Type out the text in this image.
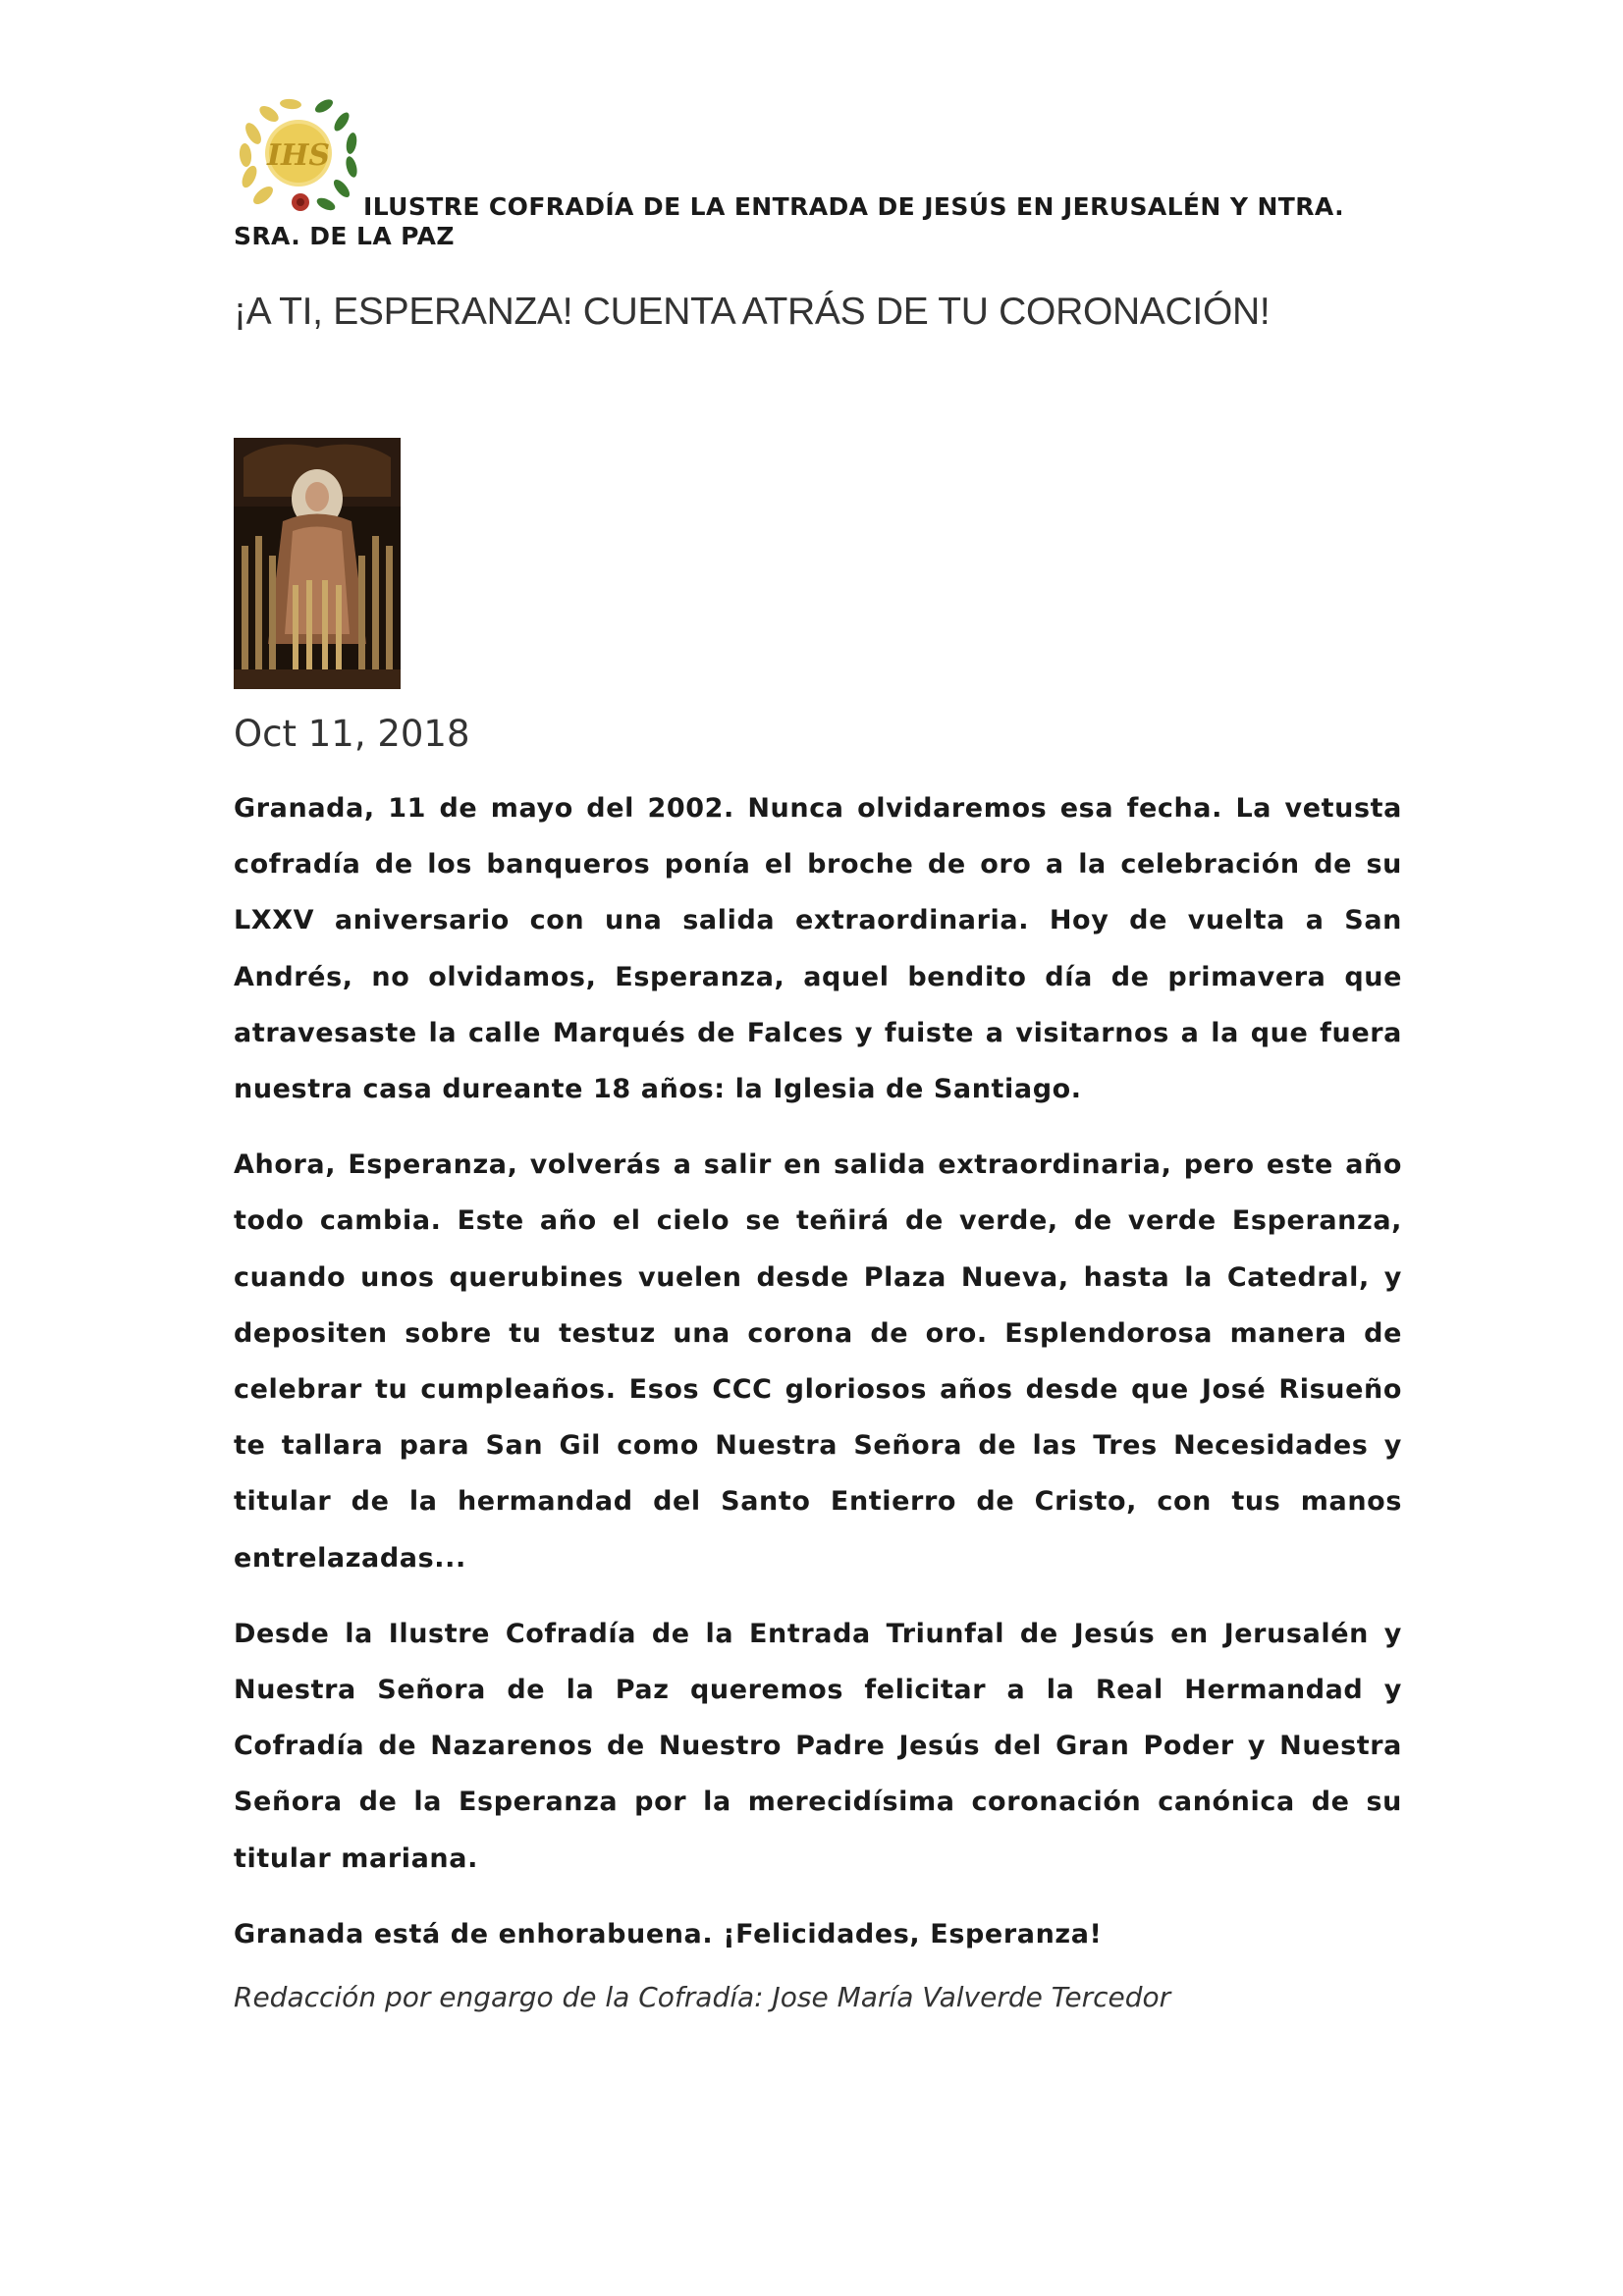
IHS
ILUSTRE COFRADÍA DE LA ENTRADA DE JESÚS EN JERUSALÉN Y NTRA. SRA. DE LA PAZ
¡A TI, ESPERANZA! CUENTA ATRÁS DE TU CORONACIÓN!
Oct 11, 2018

Granada, 11 de mayo del 2002. Nunca olvidaremos esa fecha. La vetusta cofradía de los banqueros ponía el broche de oro a la celebración de su LXXV aniversario con una salida extraordinaria. Hoy de vuelta a San Andrés, no olvidamos, Esperanza, aquel bendito día de primavera que atravesaste la calle Marqués de Falces y fuiste a visitarnos a la que fuera nuestra casa dureante 18 años: la Iglesia de Santiago.

Ahora, Esperanza, volverás a salir en salida extraordinaria, pero este año todo cambia. Este año el cielo se teñirá de verde, de verde Esperanza, cuando unos querubines vuelen desde Plaza Nueva, hasta la Catedral, y depositen sobre tu testuz una corona de oro. Esplendorosa manera de celebrar tu cumpleaños. Esos CCC gloriosos años desde que José Risueño te tallara para San Gil como Nuestra Señora de las Tres Necesidades y titular de la hermandad del Santo Entierro de Cristo, con tus manos entrelazadas...

Desde la Ilustre Cofradía de la Entrada Triunfal de Jesús en Jerusalén y Nuestra Señora de la Paz queremos felicitar a la Real Hermandad y Cofradía de Nazarenos de Nuestro Padre Jesús del Gran Poder y Nuestra Señora de la Esperanza por la merecidísima coronación canónica de su titular mariana.

Granada está de enhorabuena. ¡Felicidades, Esperanza!

Redacción por engargo de la Cofradía: Jose María Valverde Tercedor
